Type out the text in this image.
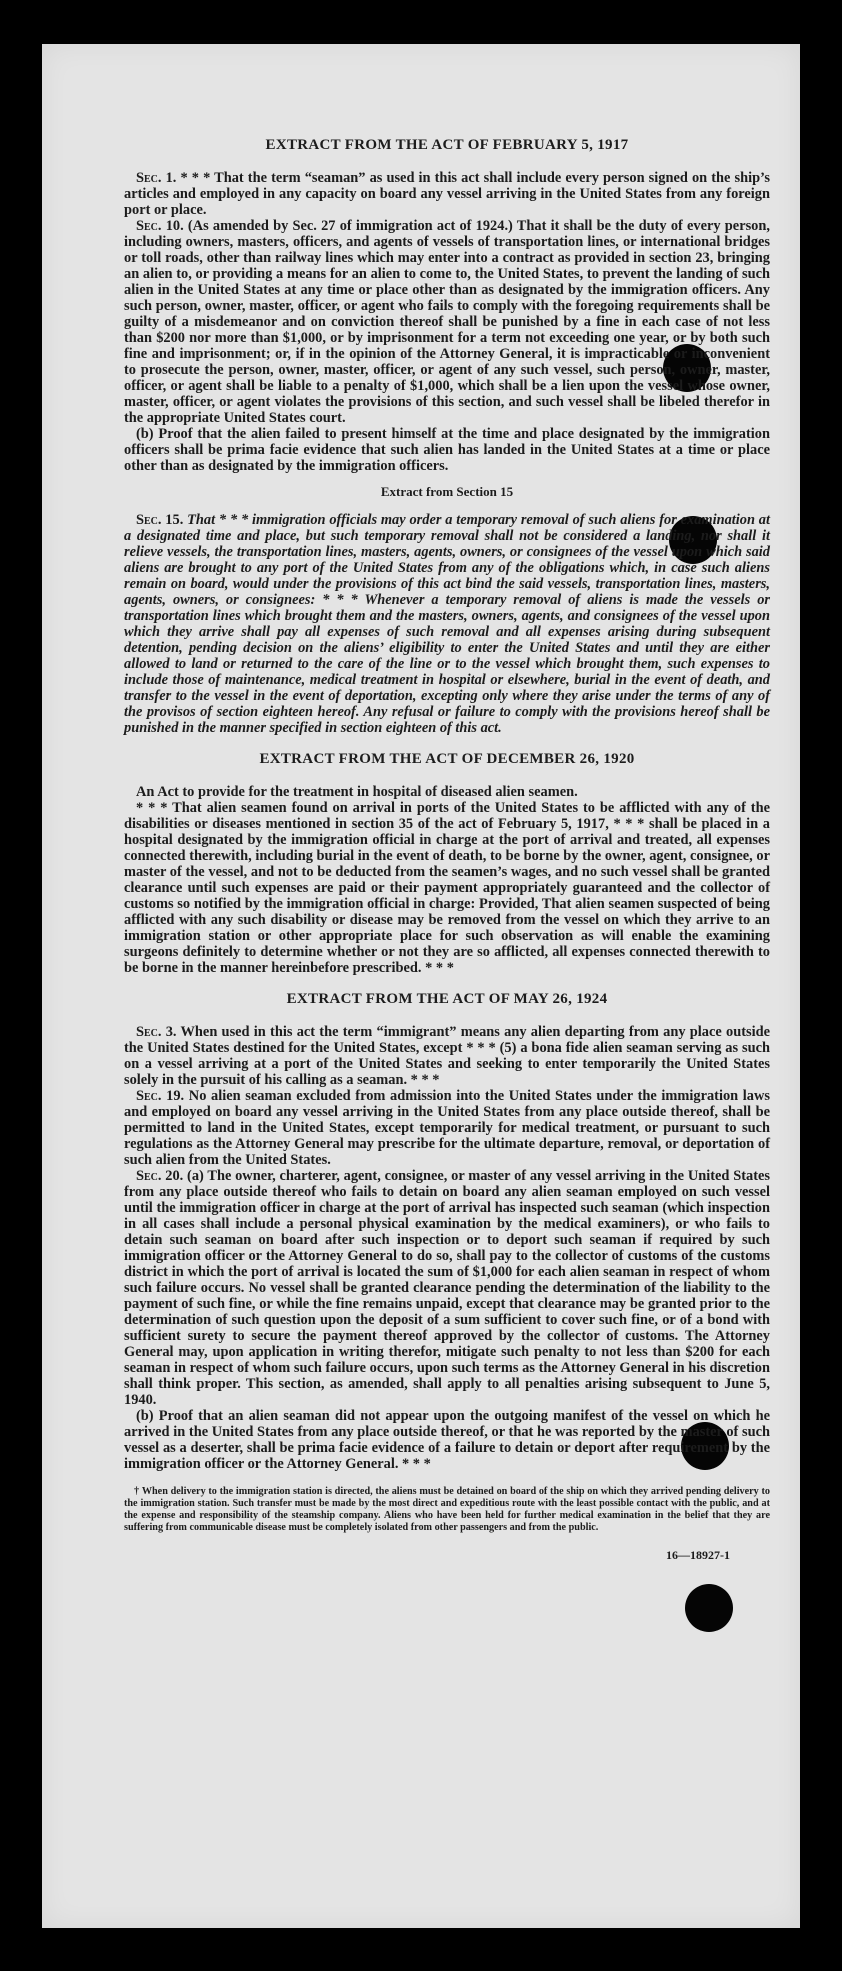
EXTRACT FROM THE ACT OF FEBRUARY 5, 1917

Sec. 1. * * * That the term “seaman” as used in this act shall include every person signed on the ship’s articles and employed in any capacity on board any vessel arriving in the United States from any foreign port or place.

Sec. 10. (As amended by Sec. 27 of immigration act of 1924.) That it shall be the duty of every person, including owners, masters, officers, and agents of vessels of transportation lines, or international bridges or toll roads, other than railway lines which may enter into a contract as provided in section 23, bringing an alien to, or providing a means for an alien to come to, the United States, to prevent the landing of such alien in the United States at any time or place other than as designated by the immigration officers. Any such person, owner, master, officer, or agent who fails to comply with the foregoing requirements shall be guilty of a misdemeanor and on conviction thereof shall be punished by a fine in each case of not less than $200 nor more than $1,000, or by imprisonment for a term not exceeding one year, or by both such fine and imprisonment; or, if in the opinion of the Attorney General, it is impracticable or inconvenient to prosecute the person, owner, master, officer, or agent of any such vessel, such person, owner, master, officer, or agent shall be liable to a penalty of $1,000, which shall be a lien upon the vessel whose owner, master, officer, or agent violates the provisions of this section, and such vessel shall be libeled therefor in the appropriate United States court.

(b) Proof that the alien failed to present himself at the time and place designated by the immigration officers shall be prima facie evidence that such alien has landed in the United States at a time or place other than as designated by the immigration officers.

Extract from Section 15

Sec. 15. That * * * immigration officials may order a temporary removal of such aliens for examination at a designated time and place, but such temporary removal shall not be considered a landing, nor shall it relieve vessels, the transportation lines, masters, agents, owners, or consignees of the vessel upon which said aliens are brought to any port of the United States from any of the obligations which, in case such aliens remain on board, would under the provisions of this act bind the said vessels, transportation lines, masters, agents, owners, or consignees: * * * Whenever a temporary removal of aliens is made the vessels or transportation lines which brought them and the masters, owners, agents, and consignees of the vessel upon which they arrive shall pay all expenses of such removal and all expenses arising during subsequent detention, pending decision on the aliens’ eligibility to enter the United States and until they are either allowed to land or returned to the care of the line or to the vessel which brought them, such expenses to include those of maintenance, medical treatment in hospital or elsewhere, burial in the event of death, and transfer to the vessel in the event of deportation, excepting only where they arise under the terms of any of the provisos of section eighteen hereof. Any refusal or failure to comply with the provisions hereof shall be punished in the manner specified in section eighteen of this act.

EXTRACT FROM THE ACT OF DECEMBER 26, 1920

An Act to provide for the treatment in hospital of diseased alien seamen.

* * * That alien seamen found on arrival in ports of the United States to be afflicted with any of the disabilities or diseases mentioned in section 35 of the act of February 5, 1917, * * * shall be placed in a hospital designated by the immigration official in charge at the port of arrival and treated, all expenses connected therewith, including burial in the event of death, to be borne by the owner, agent, consignee, or master of the vessel, and not to be deducted from the seamen’s wages, and no such vessel shall be granted clearance until such expenses are paid or their payment appropriately guaranteed and the collector of customs so notified by the immigration official in charge: Provided, That alien seamen suspected of being afflicted with any such disability or disease may be removed from the vessel on which they arrive to an immigration station or other appropriate place for such observation as will enable the examining surgeons definitely to determine whether or not they are so afflicted, all expenses connected therewith to be borne in the manner hereinbefore prescribed. * * *

EXTRACT FROM THE ACT OF MAY 26, 1924

Sec. 3. When used in this act the term “immigrant” means any alien departing from any place outside the United States destined for the United States, except * * * (5) a bona fide alien seaman serving as such on a vessel arriving at a port of the United States and seeking to enter temporarily the United States solely in the pursuit of his calling as a seaman. * * *

Sec. 19. No alien seaman excluded from admission into the United States under the immigration laws and employed on board any vessel arriving in the United States from any place outside thereof, shall be permitted to land in the United States, except temporarily for medical treatment, or pursuant to such regulations as the Attorney General may prescribe for the ultimate departure, removal, or deportation of such alien from the United States.

Sec. 20. (a) The owner, charterer, agent, consignee, or master of any vessel arriving in the United States from any place outside thereof who fails to detain on board any alien seaman employed on such vessel until the immigration officer in charge at the port of arrival has inspected such seaman (which inspection in all cases shall include a personal physical examination by the medical examiners), or who fails to detain such seaman on board after such inspection or to deport such seaman if required by such immigration officer or the Attorney General to do so, shall pay to the collector of customs of the customs district in which the port of arrival is located the sum of $1,000 for each alien seaman in respect of whom such failure occurs. No vessel shall be granted clearance pending the determination of the liability to the payment of such fine, or while the fine remains unpaid, except that clearance may be granted prior to the determination of such question upon the deposit of a sum sufficient to cover such fine, or of a bond with sufficient surety to secure the payment thereof approved by the collector of customs. The Attorney General may, upon application in writing therefor, mitigate such penalty to not less than $200 for each seaman in respect of whom such failure occurs, upon such terms as the Attorney General in his discretion shall think proper. This section, as amended, shall apply to all penalties arising subsequent to June 5, 1940.

(b) Proof that an alien seaman did not appear upon the outgoing manifest of the vessel on which he arrived in the United States from any place outside thereof, or that he was reported by the master of such vessel as a deserter, shall be prima facie evidence of a failure to detain or deport after requirement by the immigration officer or the Attorney General. * * *

† When delivery to the immigration station is directed, the aliens must be detained on board of the ship on which they arrived pending delivery to the immigration station. Such transfer must be made by the most direct and expeditious route with the least possible contact with the public, and at the expense and responsibility of the steamship company. Aliens who have been held for further medical examination in the belief that they are suffering from communicable disease must be completely isolated from other passengers and from the public.

16—18927-1
